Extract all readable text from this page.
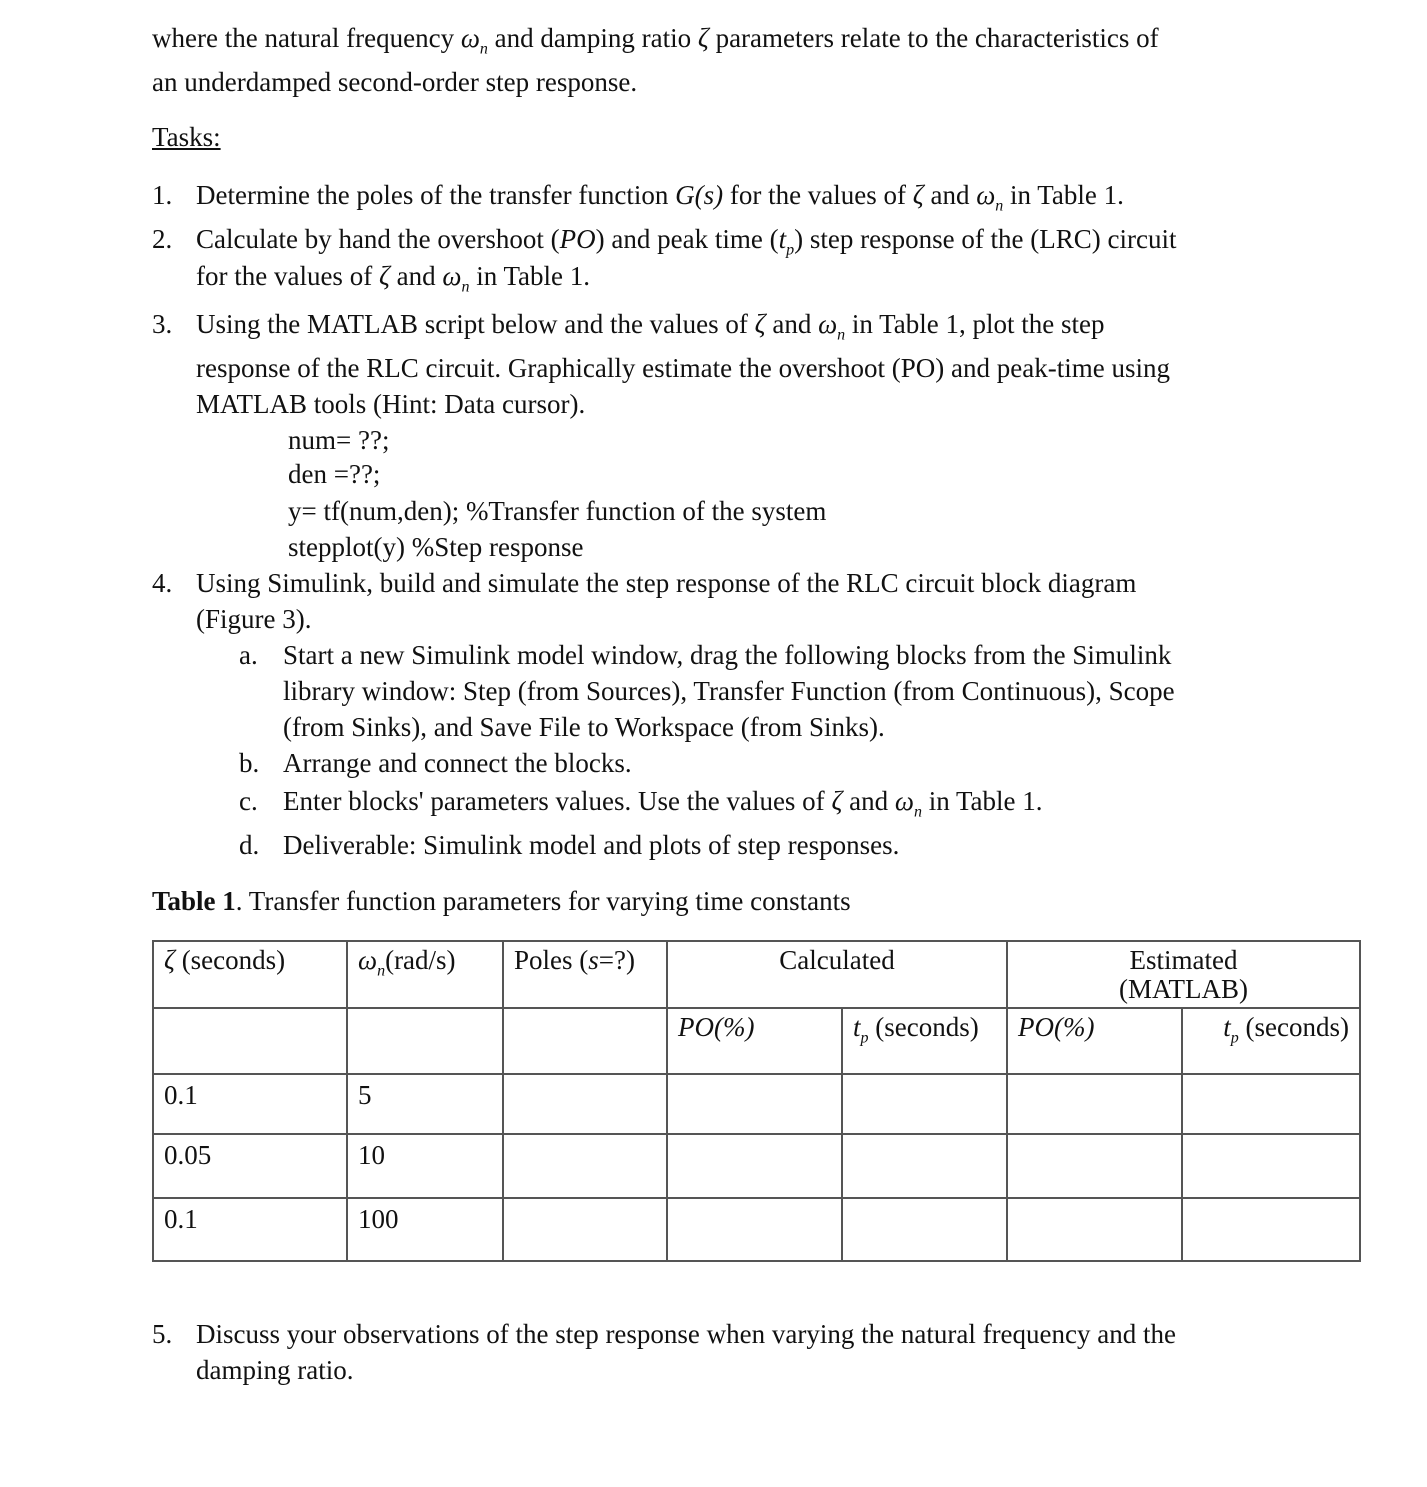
where the natural frequency $\omega_n$ and damping ratio ζ parameters relate to the characteristics of
an underdamped second-order step response.
Tasks:
1. Determine the poles of the transfer function G(s) for the values of ζ and $\omega_n$ in Table 1.
2. Calculate by hand the overshoot (PO) and peak time $(t_p)$ step response of the (LRC) circuit
for the values of ζ and $\omega_n$ in Table 1.
3. Using the MATLAB script below and the values of ζ and $\omega_n$ in Table 1, plot the step
response of the RLC circuit. Graphically estimate the overshoot (PO) and peak-time using
MATLAB tools (Hint: Data cursor).
num= ??;
den =??;
y= tf(num,den); %Transfer function of the system
stepplot(y) %Step response
4. Using Simulink, build and simulate the step response of the RLC circuit block diagram
(Figure 3).
a. Start a new Simulink model window, drag the following blocks from the Simulink
library window: Step (from Sources), Transfer Function (from Continuous), Scope
(from Sinks), and Save File to Workspace (from Sinks).
b. Arrange and connect the blocks.
c. Enter blocks' parameters values. Use the values of ζ and $\omega_n$ in Table 1.
d. Deliverable: Simulink model and plots of step responses.
Table 1. Transfer function parameters for varying time constants
ζ (seconds)	$\omega_n(rad/s)$	Poles (s=?)	Calculated		Estimated
(MATLAB)	

			PO(%)	$t_p$ (seconds)	PO(%)	$t_p$ (seconds)
0.1	5					
0.05	10					
0.1	100					
5. Discuss your observations of the step response when varying the natural frequency and the
damping ratio.
